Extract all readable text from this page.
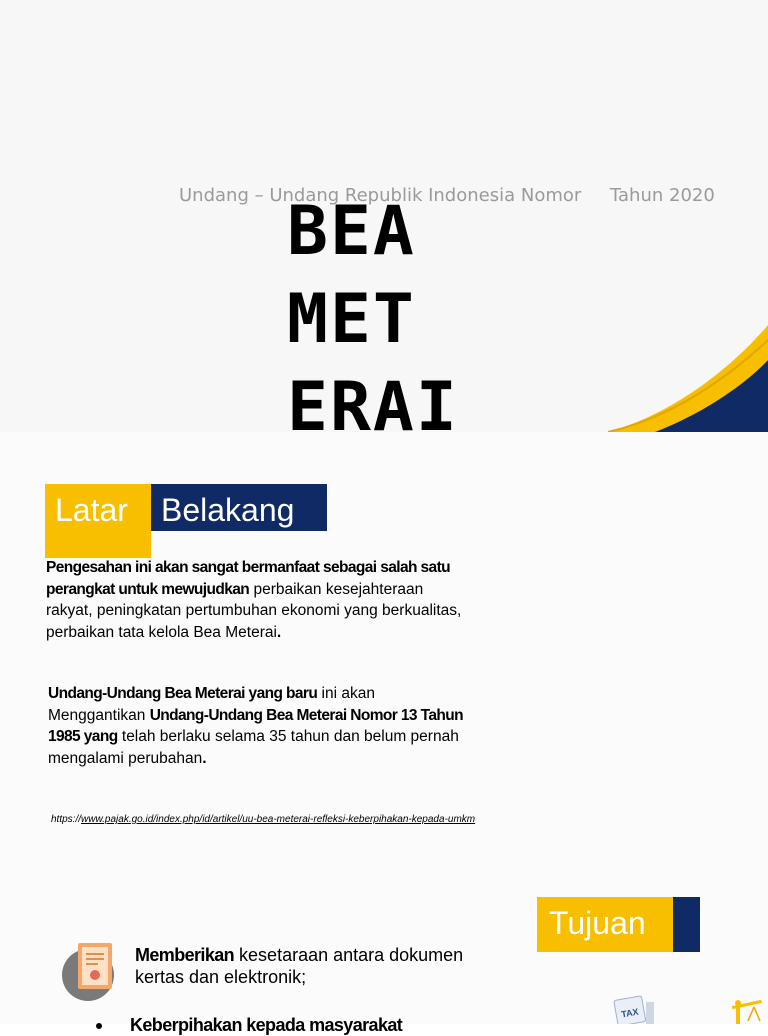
Undang – Undang Republik Indonesia Nomor Tahun 2020
BEA
MET
ERAI
Latar Belakang
Pengesahan ini akan sangat bermanfaat sebagai salah satu perangkat untuk mewujudkan perbaikan kesejahteraan rakyat, peningkatan pertumbuhan ekonomi yang berkualitas, perbaikan tata kelola Bea Meterai.
Undang-Undang Bea Meterai yang baru ini akan Menggantikan Undang-Undang Bea Meterai Nomor 13 Tahun 1985 yang telah berlaku selama 35 tahun dan belum pernah mengalami perubahan.
https://www.pajak.go.id/index.php/id/artikel/uu-bea-meterai-refleksi-keberpihakan-kepada-umkm
Tujuan
Memberikan kesetaraan antara dokumen kertas dan elektronik;
Keberpihakan kepada masyarakat
TAX
